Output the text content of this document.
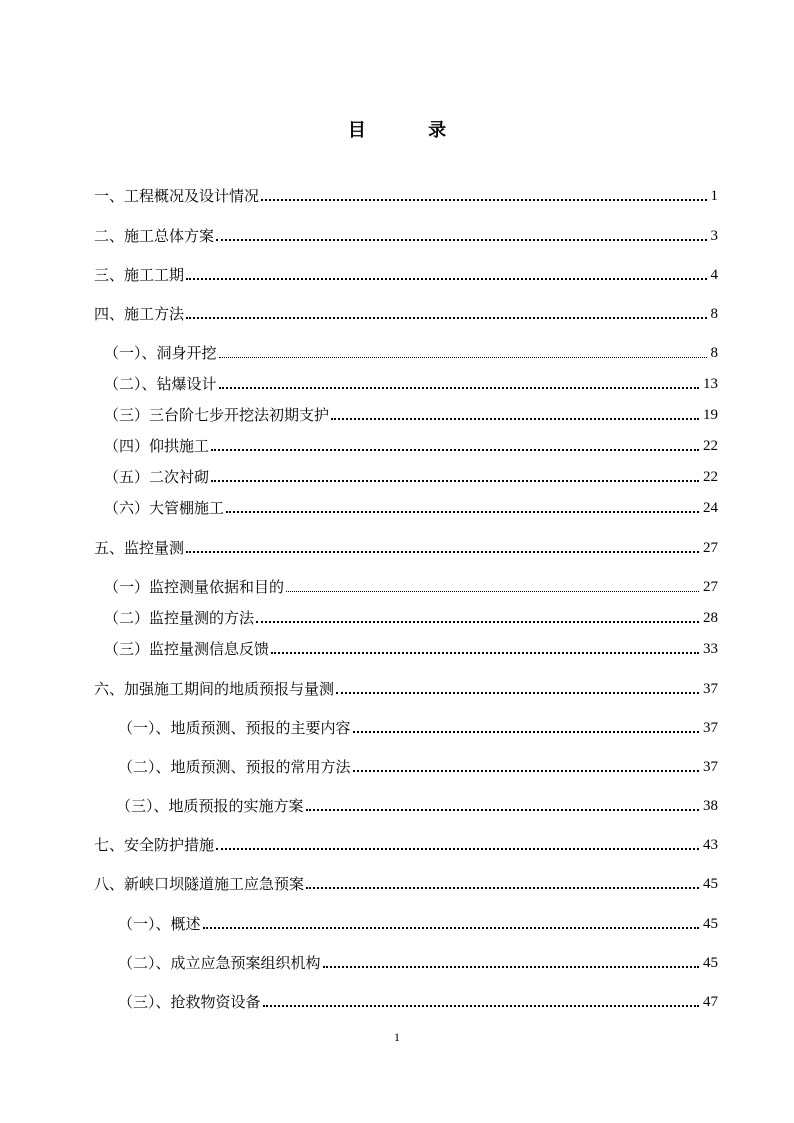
目 录
一、工程概况及设计情况	1
二、施工总体方案	3
三、施工工期	4
四、施工方法	8
（一）、洞身开挖	8
（二）、钻爆设计	13
（三）三台阶七步开挖法初期支护	19
（四）仰拱施工	22
（五）二次衬砌	22
（六）大管棚施工	24
五、监控量测	27
（一）监控测量依据和目的	27
（二）监控量测的方法	28
（三）监控量测信息反馈	33
六、加强施工期间的地质预报与量测	37
（一）、地质预测、预报的主要内容	37
（二）、地质预测、预报的常用方法	37
（三）、地质预报的实施方案	38
七、安全防护措施	43
八、新峡口坝隧道施工应急预案	45
（一）、概述	45
（二）、成立应急预案组织机构	45
（三）、抢救物资设备	47
1
